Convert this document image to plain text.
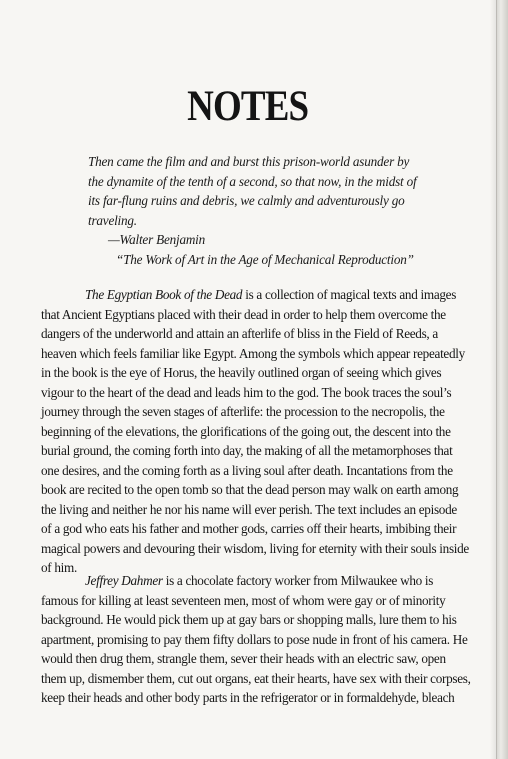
NOTES
Then came the film and and burst this prison-world asunder by
the dynamite of the tenth of a second, so that now, in the midst of
its far-flung ruins and debris, we calmly and adventurously go
traveling.
—Walter Benjamin
“The Work of Art in the Age of Mechanical Reproduction”
The Egyptian Book of the Dead is a collection of magical texts and images
that Ancient Egyptians placed with their dead in order to help them overcome the
dangers of the underworld and attain an afterlife of bliss in the Field of Reeds, a
heaven which feels familiar like Egypt. Among the symbols which appear repeatedly
in the book is the eye of Horus, the heavily outlined organ of seeing which gives
vigour to the heart of the dead and leads him to the god. The book traces the soul’s
journey through the seven stages of afterlife: the procession to the necropolis, the
beginning of the elevations, the glorifications of the going out, the descent into the
burial ground, the coming forth into day, the making of all the metamorphoses that
one desires, and the coming forth as a living soul after death. Incantations from the
book are recited to the open tomb so that the dead person may walk on earth among
the living and neither he nor his name will ever perish. The text includes an episode
of a god who eats his father and mother gods, carries off their hearts, imbibing their
magical powers and devouring their wisdom, living for eternity with their souls inside
of him.
Jeffrey Dahmer is a chocolate factory worker from Milwaukee who is
famous for killing at least seventeen men, most of whom were gay or of minority
background. He would pick them up at gay bars or shopping malls, lure them to his
apartment, promising to pay them fifty dollars to pose nude in front of his camera. He
would then drug them, strangle them, sever their heads with an electric saw, open
them up, dismember them, cut out organs, eat their hearts, have sex with their corpses,
keep their heads and other body parts in the refrigerator or in formaldehyde, bleach
